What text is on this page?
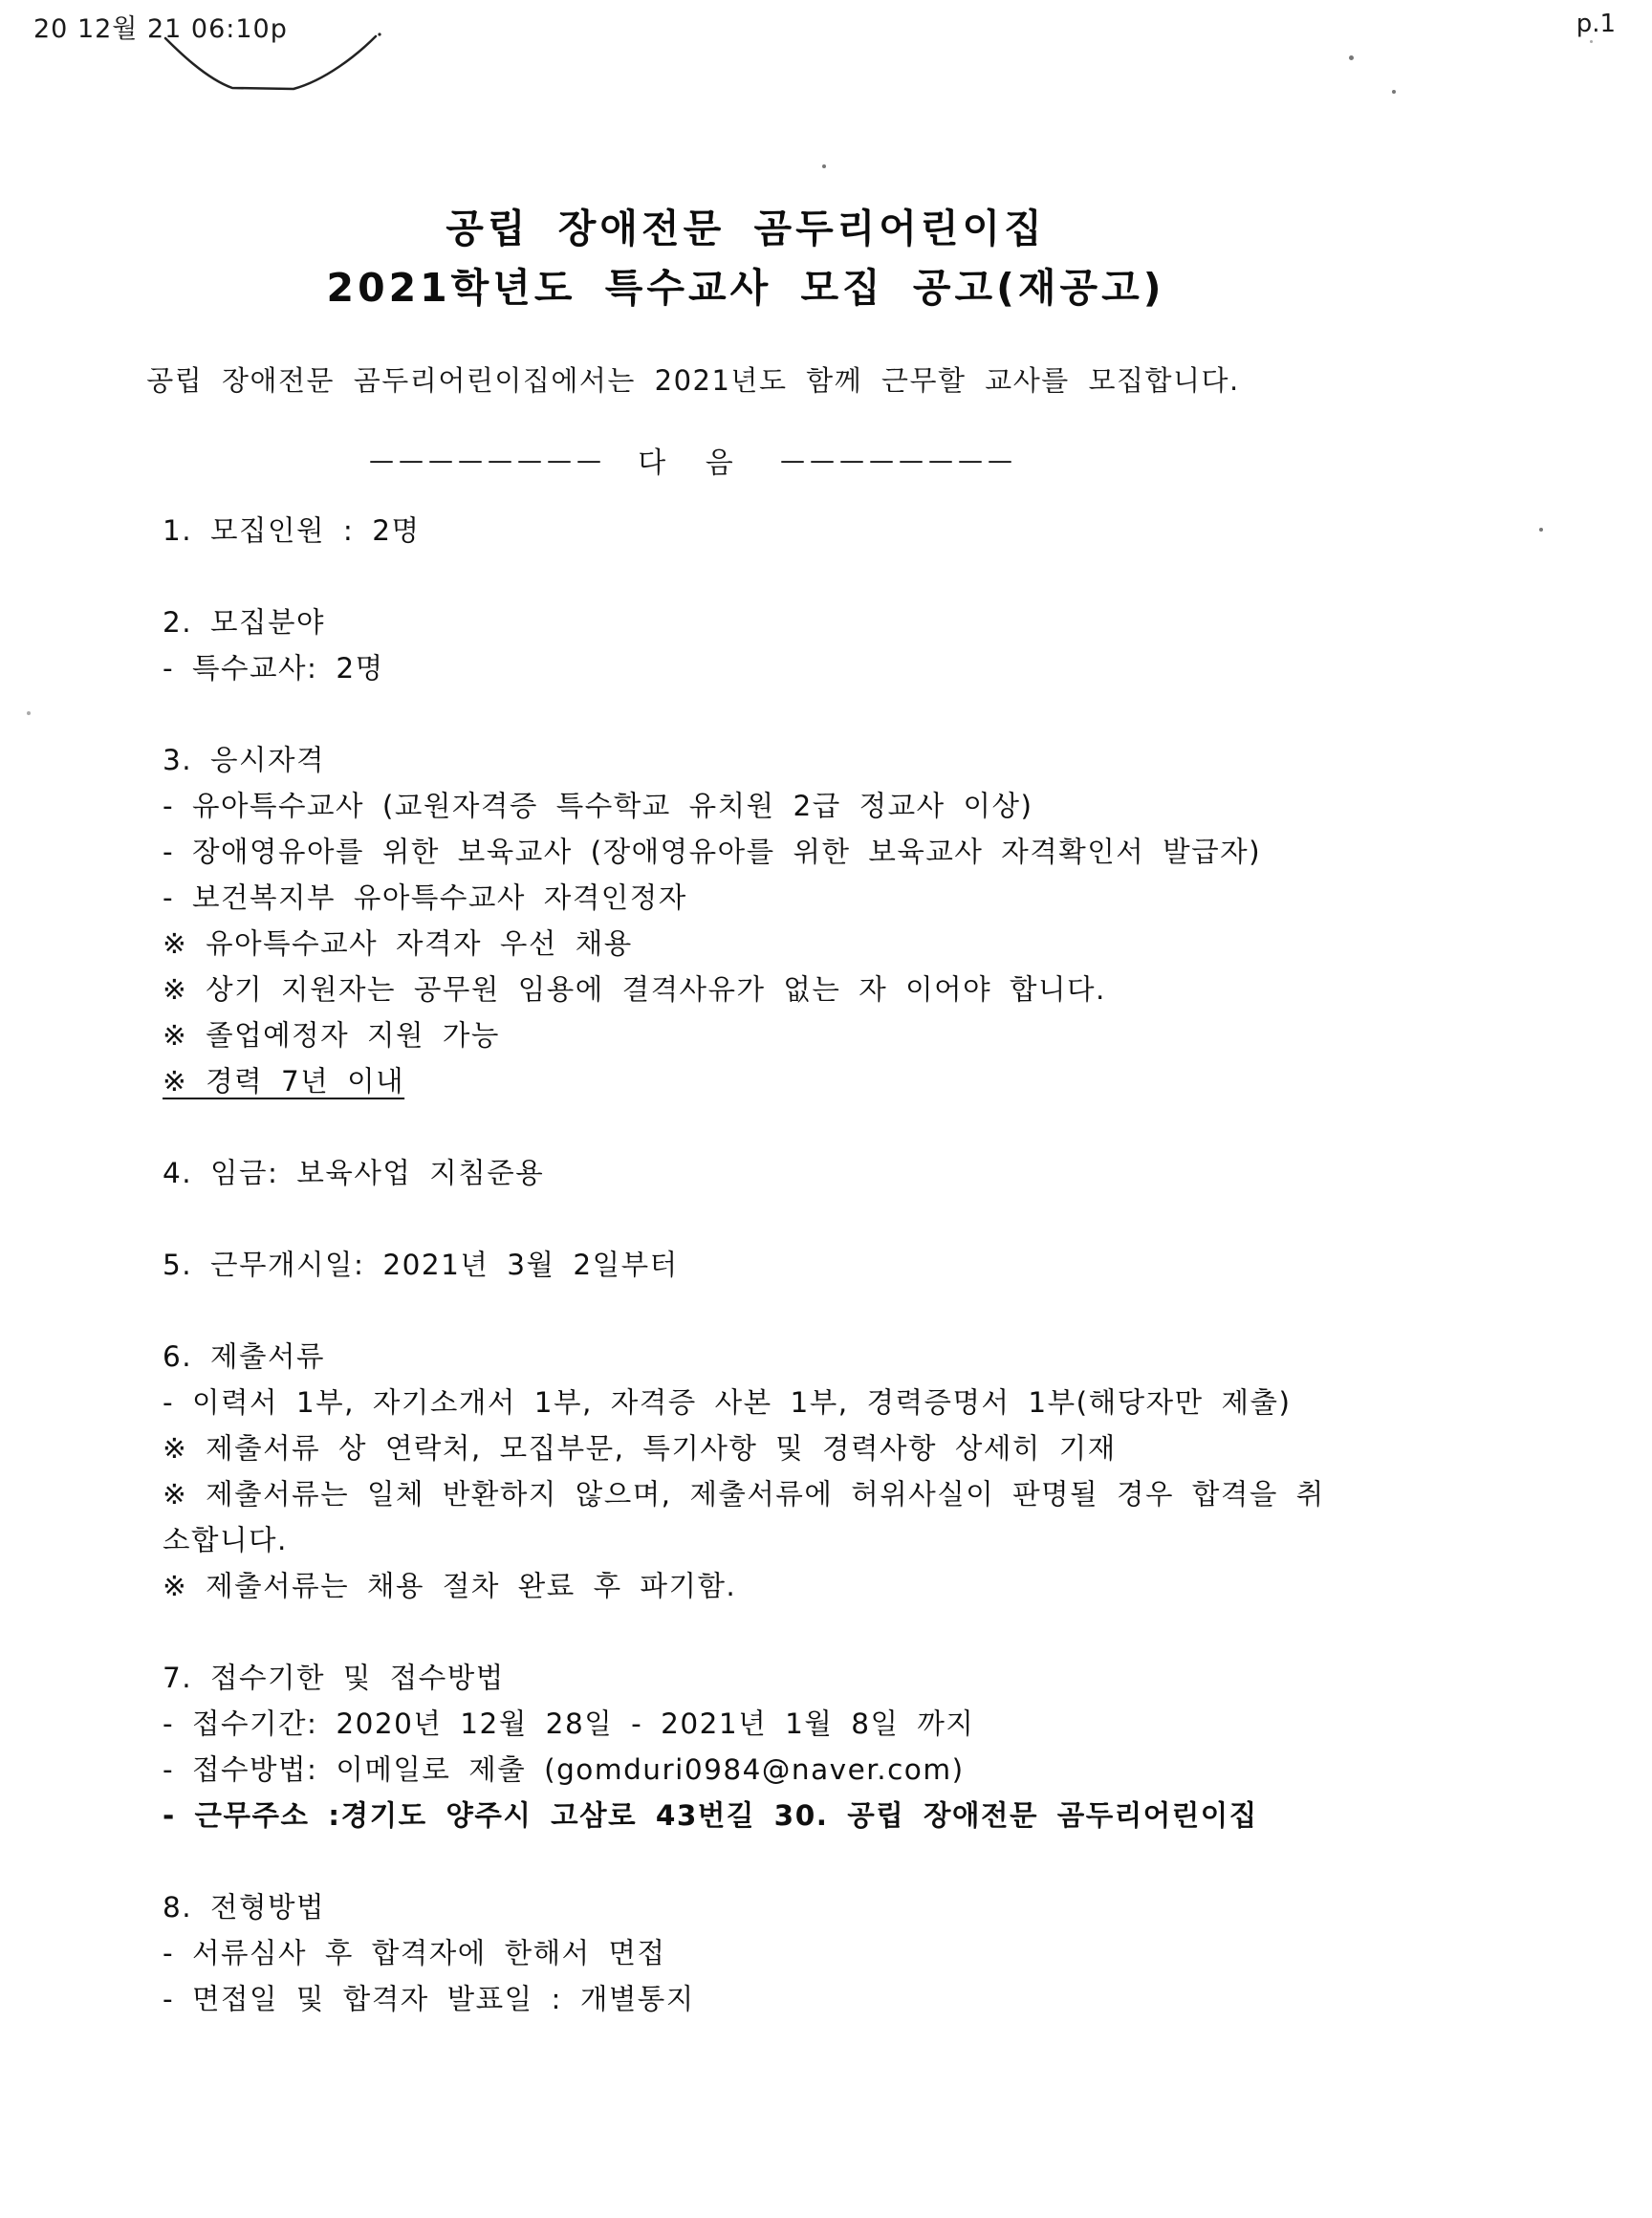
20 12월 21 06:10p	p.1
공립 장애전문 곰두리어린이집
2021학년도 특수교사 모집 공고(재공고)

공립 장애전문 곰두리어린이집에서는 2021년도 함께 근무할 교사를 모집합니다.

———————— 다 음 ————————
1. 모집인원 : 2명
2. 모집분야
- 특수교사: 2명
3. 응시자격
- 유아특수교사 (교원자격증 특수학교 유치원 2급 정교사 이상)
- 장애영유아를 위한 보육교사 (장애영유아를 위한 보육교사 자격확인서 발급자)
- 보건복지부 유아특수교사 자격인정자
※ 유아특수교사 자격자 우선 채용
※ 상기 지원자는 공무원 임용에 결격사유가 없는 자 이어야 합니다.
※ 졸업예정자 지원 가능
※ 경력 7년 이내
4. 임금: 보육사업 지침준용
5. 근무개시일: 2021년 3월 2일부터
6. 제출서류
- 이력서 1부, 자기소개서 1부, 자격증 사본 1부, 경력증명서 1부(해당자만 제출)
※ 제출서류 상 연락처, 모집부문, 특기사항 및 경력사항 상세히 기재
※ 제출서류는 일체 반환하지 않으며, 제출서류에 허위사실이 판명될 경우 합격을 취
소합니다.
※ 제출서류는 채용 절차 완료 후 파기함.
7. 접수기한 및 접수방법
- 접수기간: 2020년 12월 28일 - 2021년 1월 8일 까지
- 접수방법: 이메일로 제출 (gomduri0984@naver.com)
- 근무주소 :경기도 양주시 고삼로 43번길 30. 공립 장애전문 곰두리어린이집
8. 전형방법
- 서류심사 후 합격자에 한해서 면접
- 면접일 및 합격자 발표일 : 개별통지
